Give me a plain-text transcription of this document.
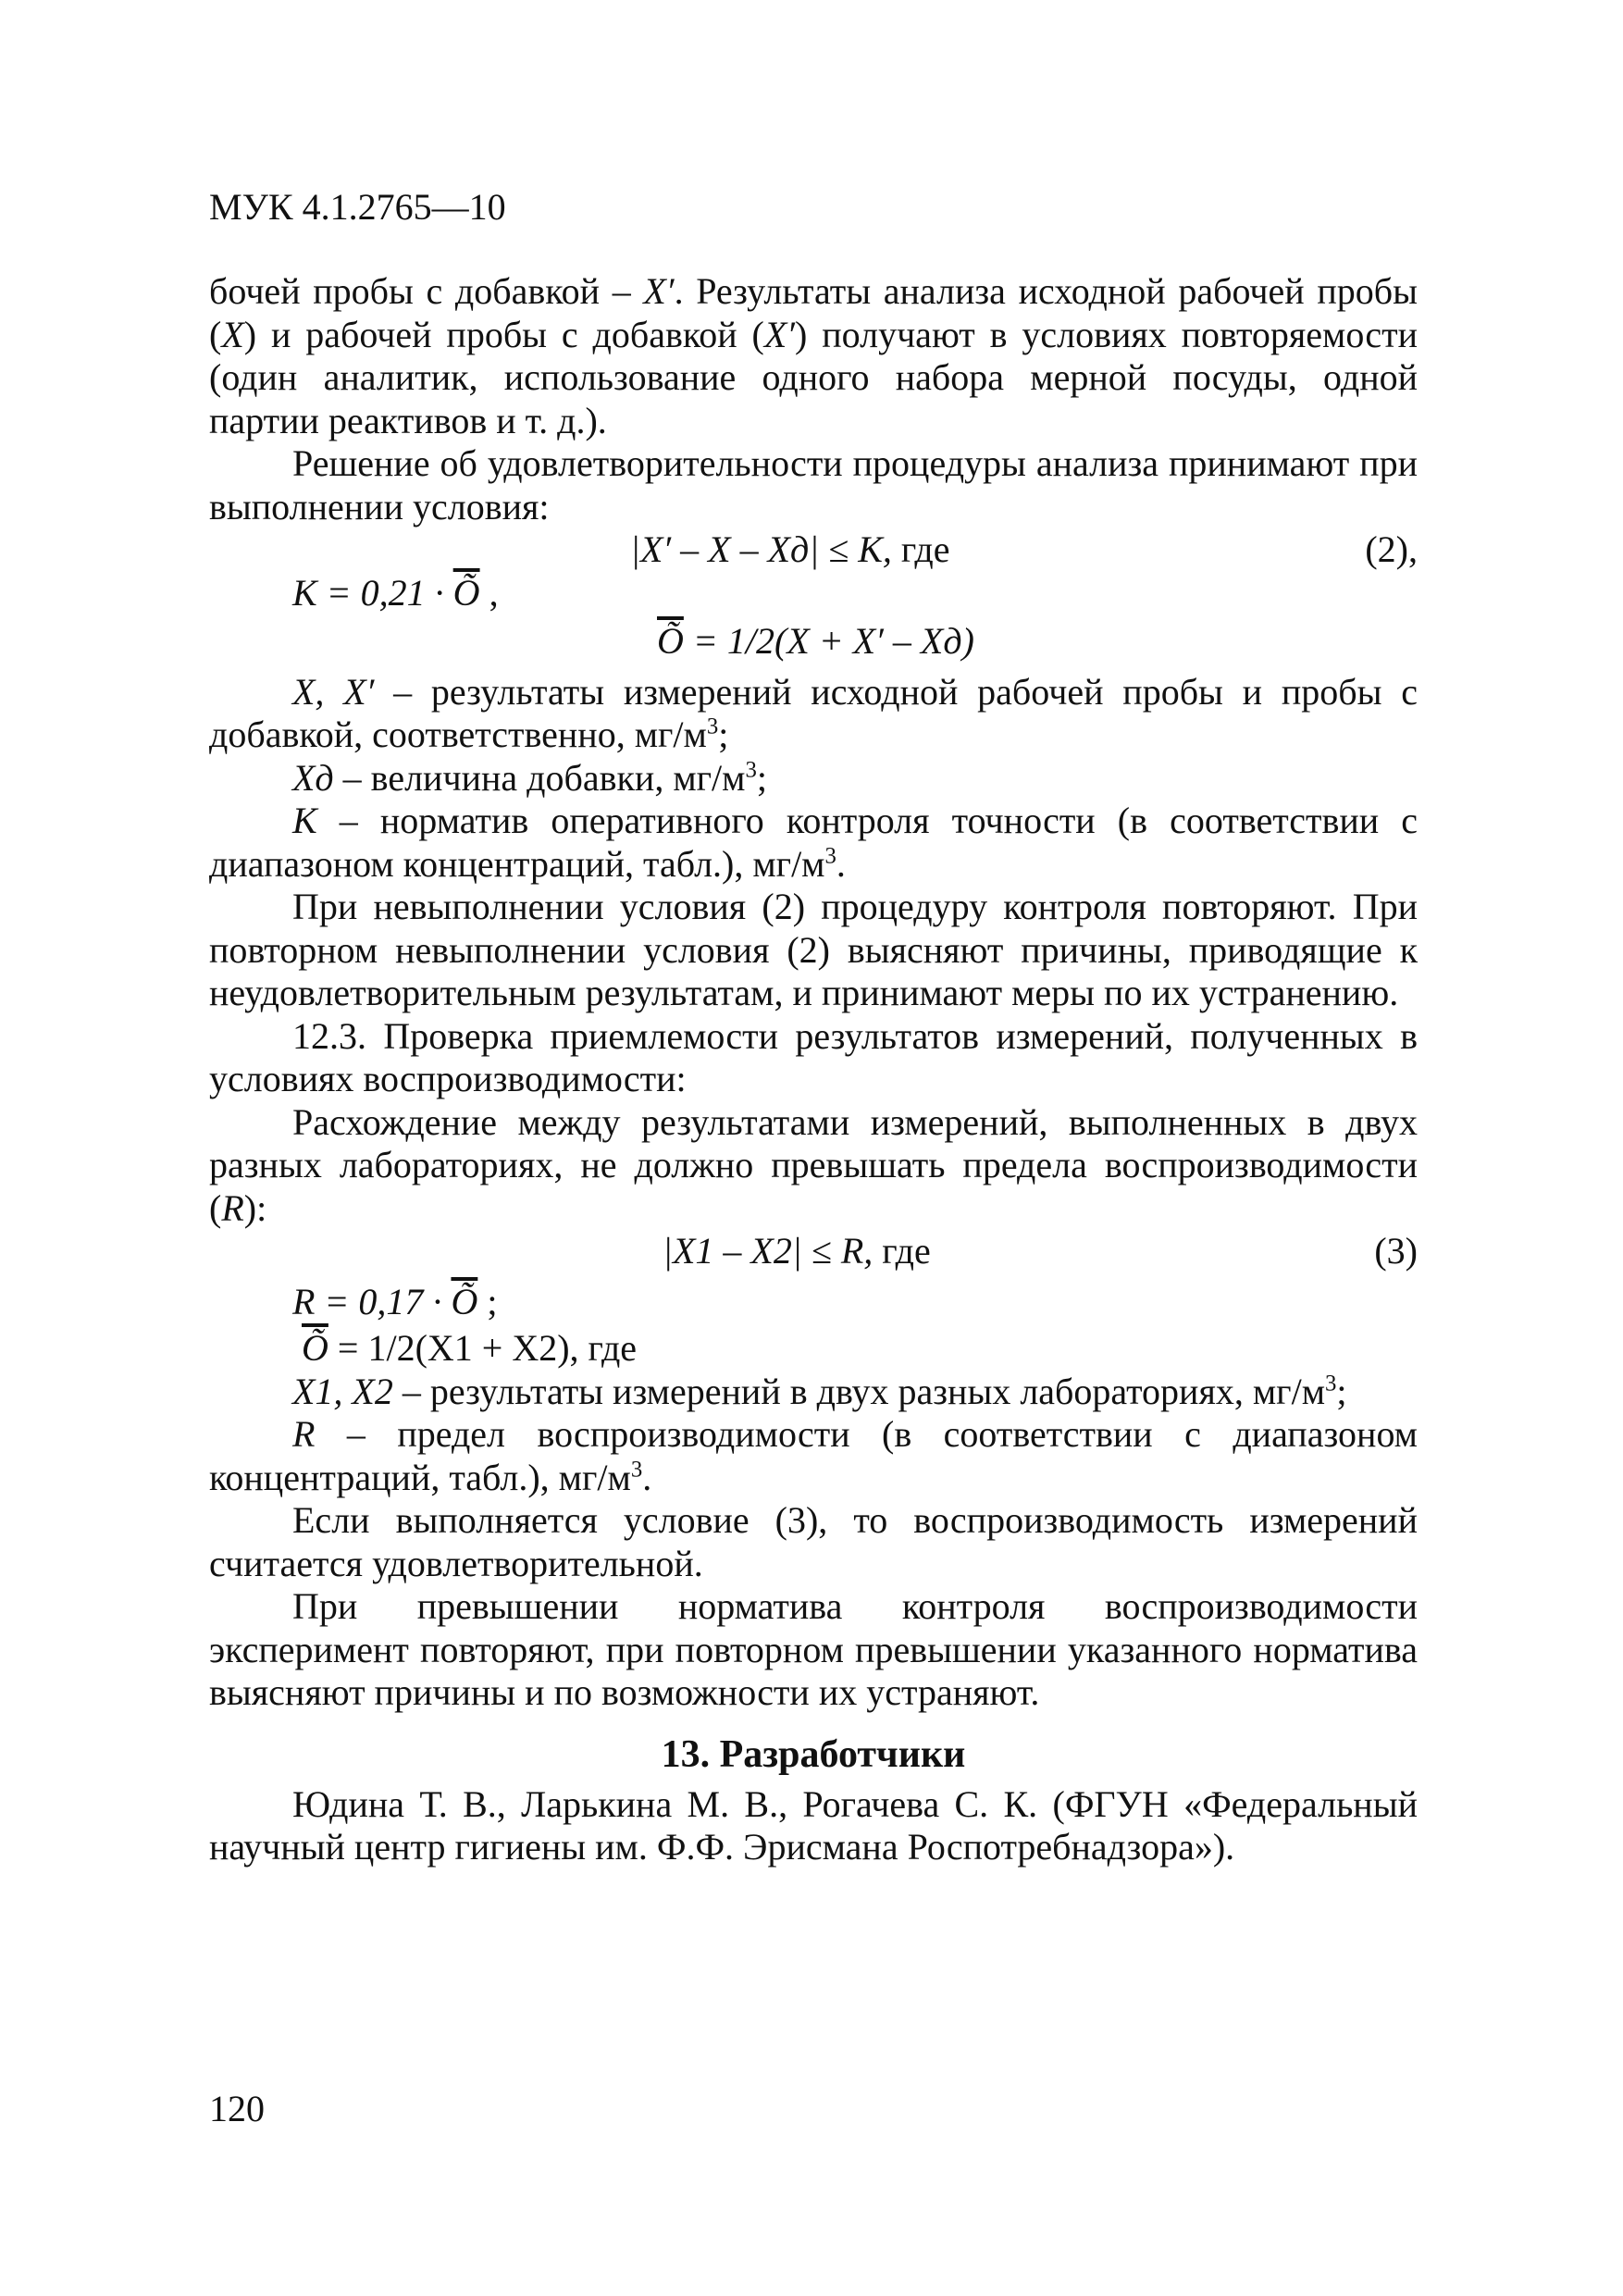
МУК 4.1.2765—10

бочей пробы с добавкой – X′. Результаты анализа исходной рабочей пробы (X) и рабочей пробы с добавкой (X′) получают в условиях повторяемости (один аналитик, использование одного набора мерной посуды, одной партии реактивов и т. д.).

Решение об удовлетворительности процедуры анализа принимают при выполнении условия:

|X′ – X – Xд| ≤ K, где	(2),
$K = 0,21 \cdot \overline{Õ}$ ,
$\overline{Õ} = 1/2(X + X' - Xд)$

X, X′ – результаты измерений исходной рабочей пробы и пробы с добавкой, соответственно, $мг/м^3$;

Xд – величина добавки, $мг/м^3$;

K – норматив оперативного контроля точности (в соответствии с диапазоном концентраций, табл.), $мг/м^3$.

При невыполнении условия (2) процедуру контроля повторяют. При повторном невыполнении условия (2) выясняют причины, приводящие к неудовлетворительным результатам, и принимают меры по их устранению.

12.3. Проверка приемлемости результатов измерений, полученных в условиях воспроизводимости:

Расхождение между результатами измерений, выполненных в двух разных лабораториях, не должно превышать предела воспроизводимости (R):

|X1 – X2| ≤ R, где	(3)
$R = 0,17 \cdot \overline{Õ}$ ;
$\overline{Õ} = 1/2(X1 + X2)$, где

X1, X2 – результаты измерений в двух разных лабораториях, $мг/м^3$;

R – предел воспроизводимости (в соответствии с диапазоном концентраций, табл.), $мг/м^3$.

Если выполняется условие (3), то воспроизводимость измерений считается удовлетворительной.

При превышении норматива контроля воспроизводимости эксперимент повторяют, при повторном превышении указанного норматива выясняют причины и по возможности их устраняют.

13. Разработчики

Юдина Т. В., Ларькина М. В., Рогачева С. К. (ФГУН «Федеральный научный центр гигиены им. Ф.Ф. Эрисмана Роспотребнадзора»).

120
